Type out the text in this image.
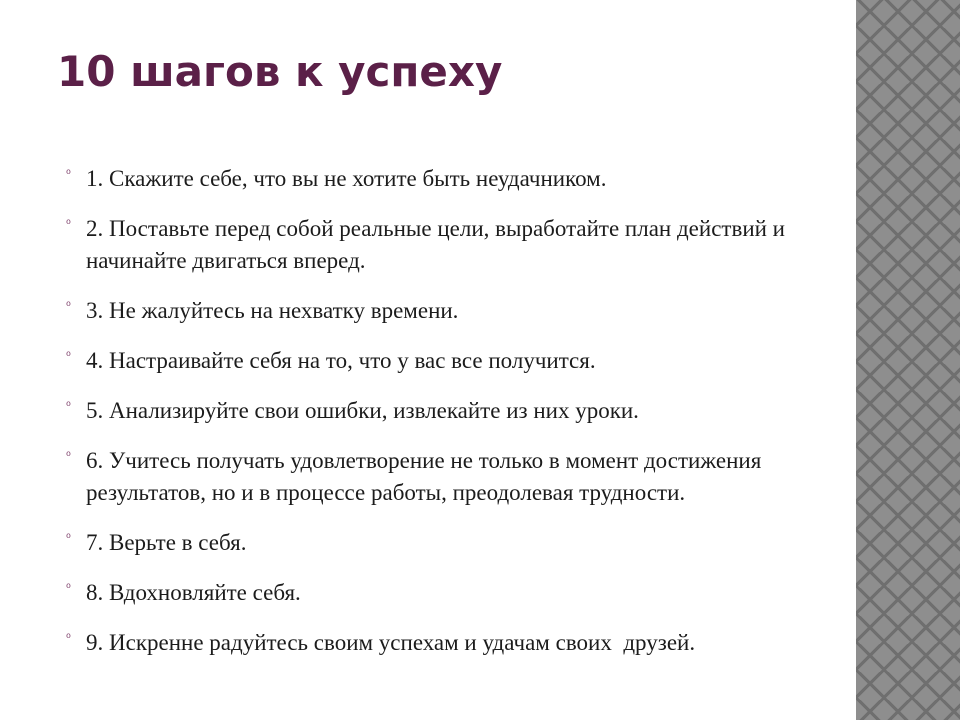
10 шагов к успеху
⁰ 1. Скажите себе, что вы не хотите быть неудачником.
⁰ 2. Поставьте перед собой реальные цели, выработайте план действий и начинайте двигаться вперед.
⁰ 3. Не жалуйтесь на нехватку времени.
⁰ 4. Настраивайте себя на то, что у вас все получится.
⁰ 5. Анализируйте свои ошибки, извлекайте из них уроки.
⁰ 6. Учитесь получать удовлетворение не только в момент достижения результатов, но и в процессе работы, преодолевая трудности.
⁰ 7. Верьте в себя.
⁰ 8. Вдохновляйте себя.
⁰ 9. Искренне радуйтесь своим успехам и удачам своих  друзей.
